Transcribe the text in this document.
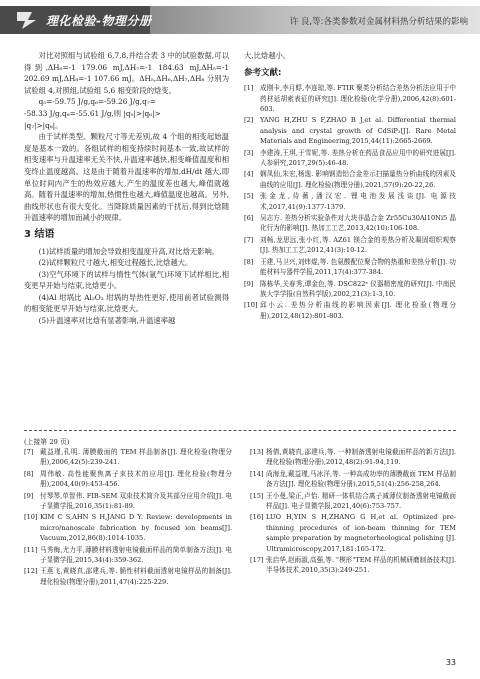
理化检验-物理分册	许 良,等:各类参数对金属材料热分析结果的影响

对比对照组与试验组 6,7,8,并结合表 3 中的试验数据,可以得到,ΔH₆=-1 179.06 mJ,ΔH₇=-1 184.63 mJ,ΔH₅=-1 202.69 mJ,ΔH₈=-1 107.66 mJ。ΔH₅,ΔH₆,ΔH₇,ΔH₈ 分别为试验组 4,对照组,试验组 5,6 相变阶段的焓变。

q₅=-59.75 J/g,q₆=-59.26 J/g,q₇=

-58.33 J/g,q₈=-55.61 J/g,则 |q₅|>|q₆|>

|q₇|>|q₈|。

由于试样类型、颗粒尺寸等无差别,故 4 个组的相变起始温度是基本一致的。各组试样的相变持续时间基本一致,故试样的相变速率与升温速率无关不快,升温速率越快,相变峰值温度和相变终止温度越高。这是由于随着升温速率的增加,dH/dt 越大,即单位时间内产生的热效应越大,产生的温度差也越大,峰值就越高。随着升温速率的增加,热惯性也越大,峰值温度也越高。另外,曲线形状也有很大变化。当降除质量因素的干扰后,得到比焓随升温速率的增加而减小的规律。

3 结语

(1)试样质量的增加会导致相变温度升高,对比焓无影响。

(2)试样颗粒尺寸越大,相变过程越长,比焓越大。

(3)空气环境下的试样与惰性气体(氩气)环境下试样相比,相变更早开始与结束,比焓更小。

(4)Al 坩埚比 Al₂O₃ 坩埚的导热性更好,使用前者试验测得的相变能更早开始与结束,比焓更大。

(5)升温速率对比焓有显著影响,升温速率越

大,比焓越小。

参考文献:
[1]	成刚卡,李月蜉,李连琼,等. FTIR 聚类分析结合差热分析法应用于中药材延胡索表征的研究[J]. 理化检验(化学分册),2006,42(8):601-603.
[2]	YANG H,ZHU S F,ZHAO B J,et al. Differential thermal analysis and crystal growth of CdSiP₂[J]. Rare Metal Materials and Engineering,2015,44(11):2665-2669.
[3]	李建涛,王琪,于雪妮,等. 差热分析在药品食品应用中的研究进展[J]. 人参研究,2017,29(5):46-48.
[4]	娴凤仙,朱宏,杨逸. 影响钢造铝合金差示扫描量热分析曲线的因素及曲线的应用[J]. 理化检验(物理分册),2021,57(9):20-22,26.
[5]	张金龙,侍薇,潘汉宏. 锂电池发展浅谈[J]. 电源技术,2017,41(9):1377-1379.
[6]	吴志方. 差热分析实验条件对大块非晶合金 Zr55Cu30Al10Ni5 晶化行为的影响[J]. 热加工工艺,2013,42(10):106-108.
[7]	刘畅,龙思远,张小红,等. AZ61 镁合金的差热分析及凝固组织观察[J]. 热加工工艺,2012,41(3):10-12.
[8]	王建,马卫兴,刘炜焜,等. 色氨酸配位聚合物的热重和差热分析[J]. 功能材料与器件学报,2011,17(4):377-384.
[9]	陈栋华,关春秀,谭金色,等. DSC822ᵉ 仪器精密度的研究[J]. 中南民族大学学报(自然科学版),2002,21(3):1-3,10.
[10] 邱小云. 差热分析曲线的影响因素[J]. 理化检验(物理分册),2012,48(12):801-803.
(上接第 29 页)
[7]	戴益瑾,孔明. 薄膜截面的 TEM 样品制备[J]. 理化检验(物理分册),2006,42(5):239-241.
[8]	周伟敏. 高性能聚焦离子束技术的应用[J]. 理化检验(物理分册),2004,40(9):453-456.
[9]	付琴琴,单智伟. FIB-SEM 双束技术简介及其部分应用介绍[J]. 电子显微学报,2016,35(1):81-89.
[10] KIM C S,AHN S H,JANG D Y. Review: developments in micro/nanoscale fabrication by focused ion beams[J]. Vacuum,2012,86(8):1014-1035.
[11] 马秀梅,尤力平,薄膜材料透射电镜截面样品的简单制备方法[J]. 电子显微学报,2015,34(4):359-362.
[12] 王燕飞,黄晓真,邵建兵,等. 脆性材料截面透射电镜样品的制备[J]. 理化检验(物理分册),2011,47(4):225-229.
[13] 杨倩,黄晓真,邵建兵,等. 一种制备透射电镜截面样品的新方法[J]. 理化检验(物理分册),2012,48(2):91-94,119.
[14] 尚海龙,戴益瑾,马冰洋,等. 一种高成功率的薄膜截面 TEM 样品制备方法[J]. 理化检验(物理分册),2015,51(4):256-258,264.
[15] 王小曼,梁正,卢怡. 精研一体机结合离子减薄仪制备透射电镜截面样品[J]. 电子显微学报,2021,40(6):753-757.
[16] LUO H,YIN S H,ZHANG G H,et al. Optimized pre-thinning procedures of ion-beam thinning for TEM sample preparation by magnetorheological polishing [J]. Ultramicroscopy,2017,181:165-172.
[17] 张启华,赵雨淑,高强,等. "楔形"TEM 样品的机械研磨制备技术[J]. 半导体技术,2010,35(3):249-251.
33
